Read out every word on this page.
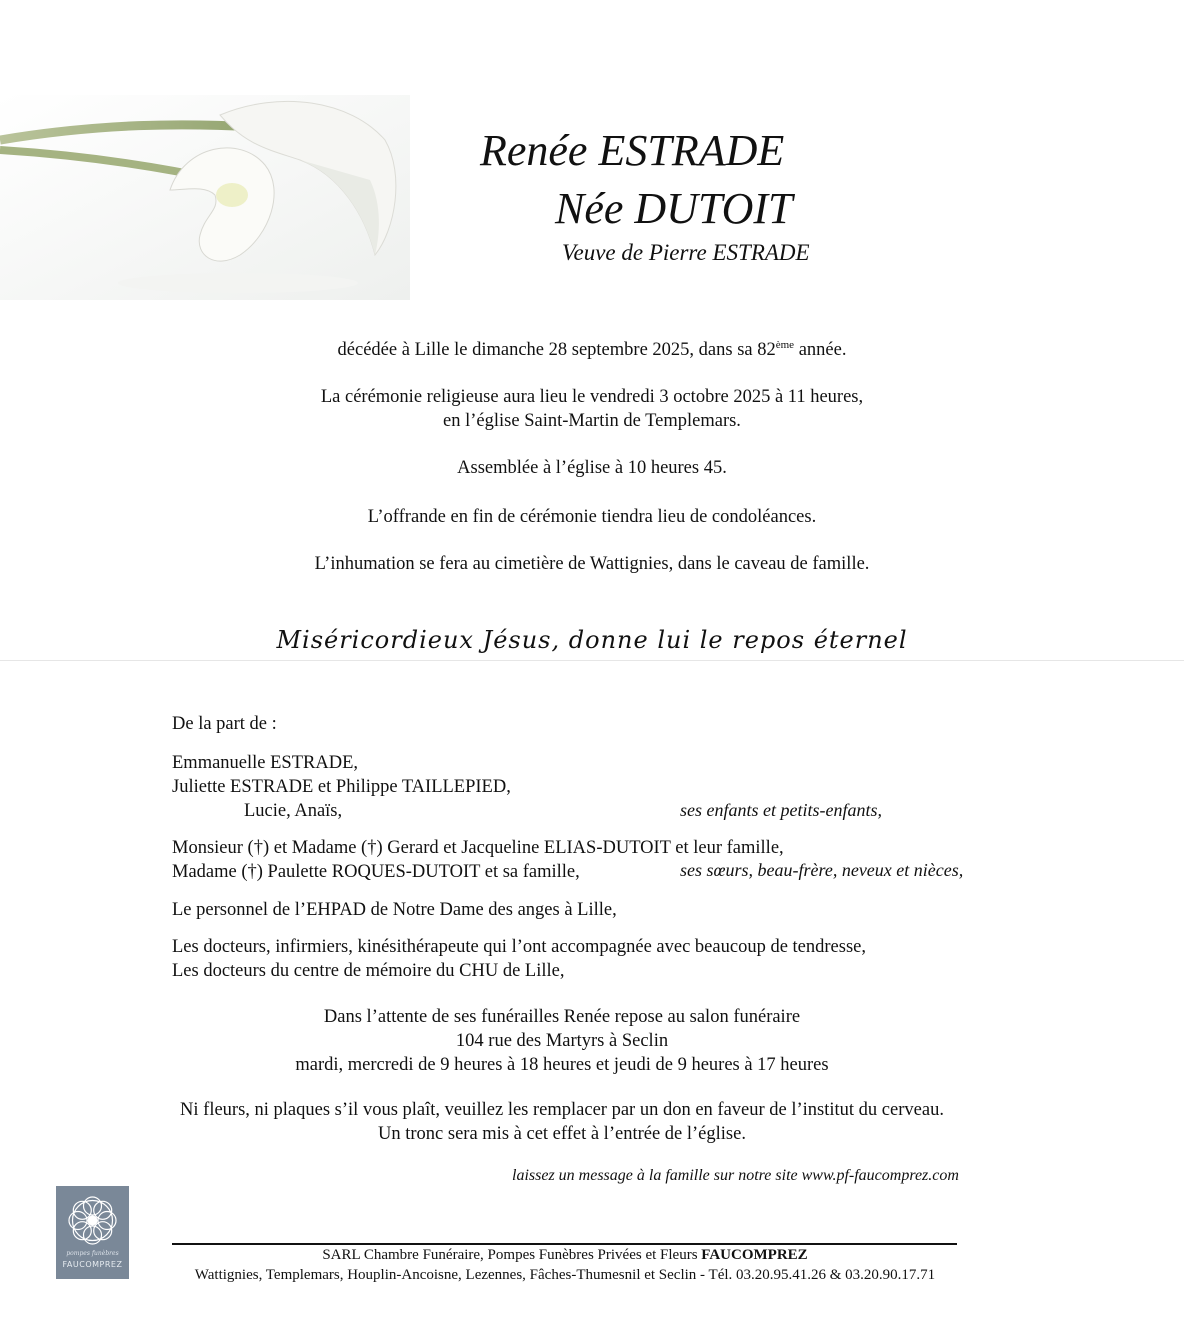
Renée ESTRADE
Née DUTOIT
Veuve de Pierre ESTRADE

décédée à Lille le dimanche 28 septembre 2025, dans sa 82ème année.

La cérémonie religieuse aura lieu le vendredi 3 octobre 2025 à 11 heures,

en l’église Saint-Martin de Templemars.

Assemblée à l’église à 10 heures 45.

L’offrande en fin de cérémonie tiendra lieu de condoléances.

L’inhumation se fera au cimetière de Wattignies, dans le caveau de famille.

Miséricordieux Jésus, donne lui le repos éternel
De la part de :
Emmanuelle ESTRADE,
Juliette ESTRADE et Philippe TAILLEPIED,
Lucie, Anaïs,	ses enfants et petits-enfants,
Monsieur (†) et Madame (†) Gerard et Jacqueline ELIAS-DUTOIT et leur famille,
Madame (†) Paulette ROQUES-DUTOIT et sa famille,	ses sœurs, beau-frère, neveux et nièces,
Le personnel de l’EHPAD de Notre Dame des anges à Lille,
Les docteurs, infirmiers, kinésithérapeute qui l’ont accompagnée avec beaucoup de tendresse,
Les docteurs du centre de mémoire du CHU de Lille,

Dans l’attente de ses funérailles Renée repose au salon funéraire

104 rue des Martyrs à Seclin

mardi, mercredi de 9 heures à 18 heures et jeudi de 9 heures à 17 heures

Ni fleurs, ni plaques s’il vous plaît, veuillez les remplacer par un don en faveur de l’institut du cerveau.

Un tronc sera mis à cet effet à l’entrée de l’église.

laissez un message à la famille sur notre site www.pf-faucomprez.com
pompes funèbres
FAUCOMPREZ
SARL Chambre Funéraire, Pompes Funèbres Privées et Fleurs FAUCOMPREZ
Wattignies, Templemars, Houplin-Ancoisne, Lezennes, Fâches-Thumesnil et Seclin - Tél. 03.20.95.41.26 & 03.20.90.17.71
